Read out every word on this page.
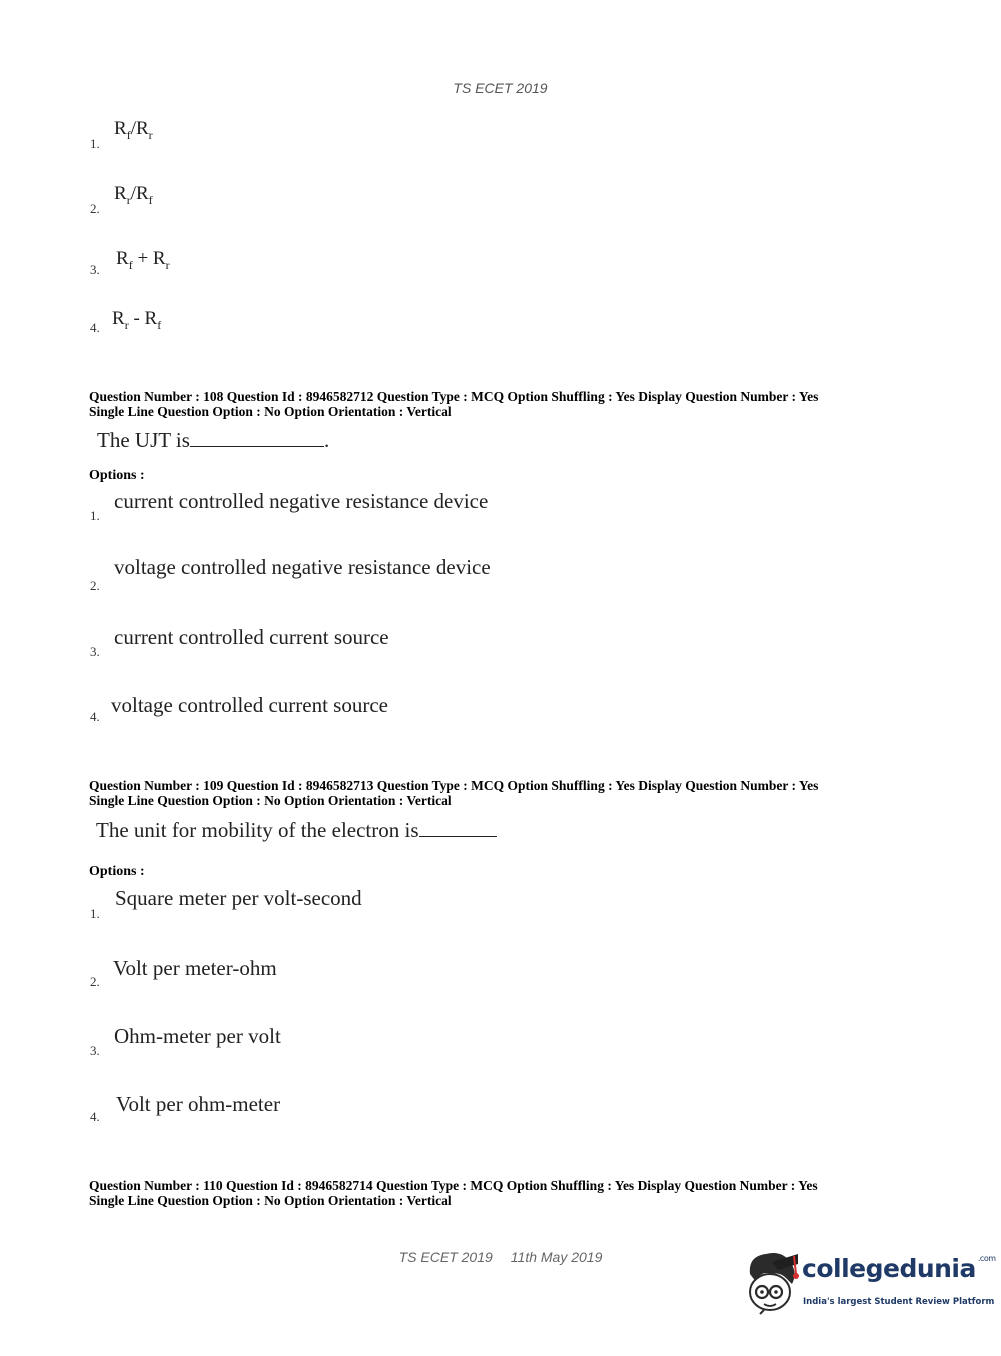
TS ECET 2019
1.
$R_f/R_r$
2.
$R_r/R_f$
3.
$R_f + R_r$
4. $R_r - R_f$
Question Number : 108 Question Id : 8946582712 Question Type : MCQ Option Shuffling : Yes Display Question Number : Yes
Single Line Question Option : No Option Orientation : Vertical
The UJT is	.
Options :
1.
current controlled negative resistance device
2.
voltage controlled negative resistance device
3.
current controlled current source
4. voltage controlled current source
Question Number : 109 Question Id : 8946582713 Question Type : MCQ Option Shuffling : Yes Display Question Number : Yes
Single Line Question Option : No Option Orientation : Vertical
The unit for mobility of the electron is
Options :
1.
Square meter per volt-second
2.
Volt per meter-ohm
3.
Ohm-meter per volt
4.
Volt per ohm-meter
Question Number : 110 Question Id : 8946582714 Question Type : MCQ Option Shuffling : Yes Display Question Number : Yes
Single Line Question Option : No Option Orientation : Vertical
TS ECET 2019 11th May 2019	collegedunia $^{.com}$
India's largest Student Review Platform
